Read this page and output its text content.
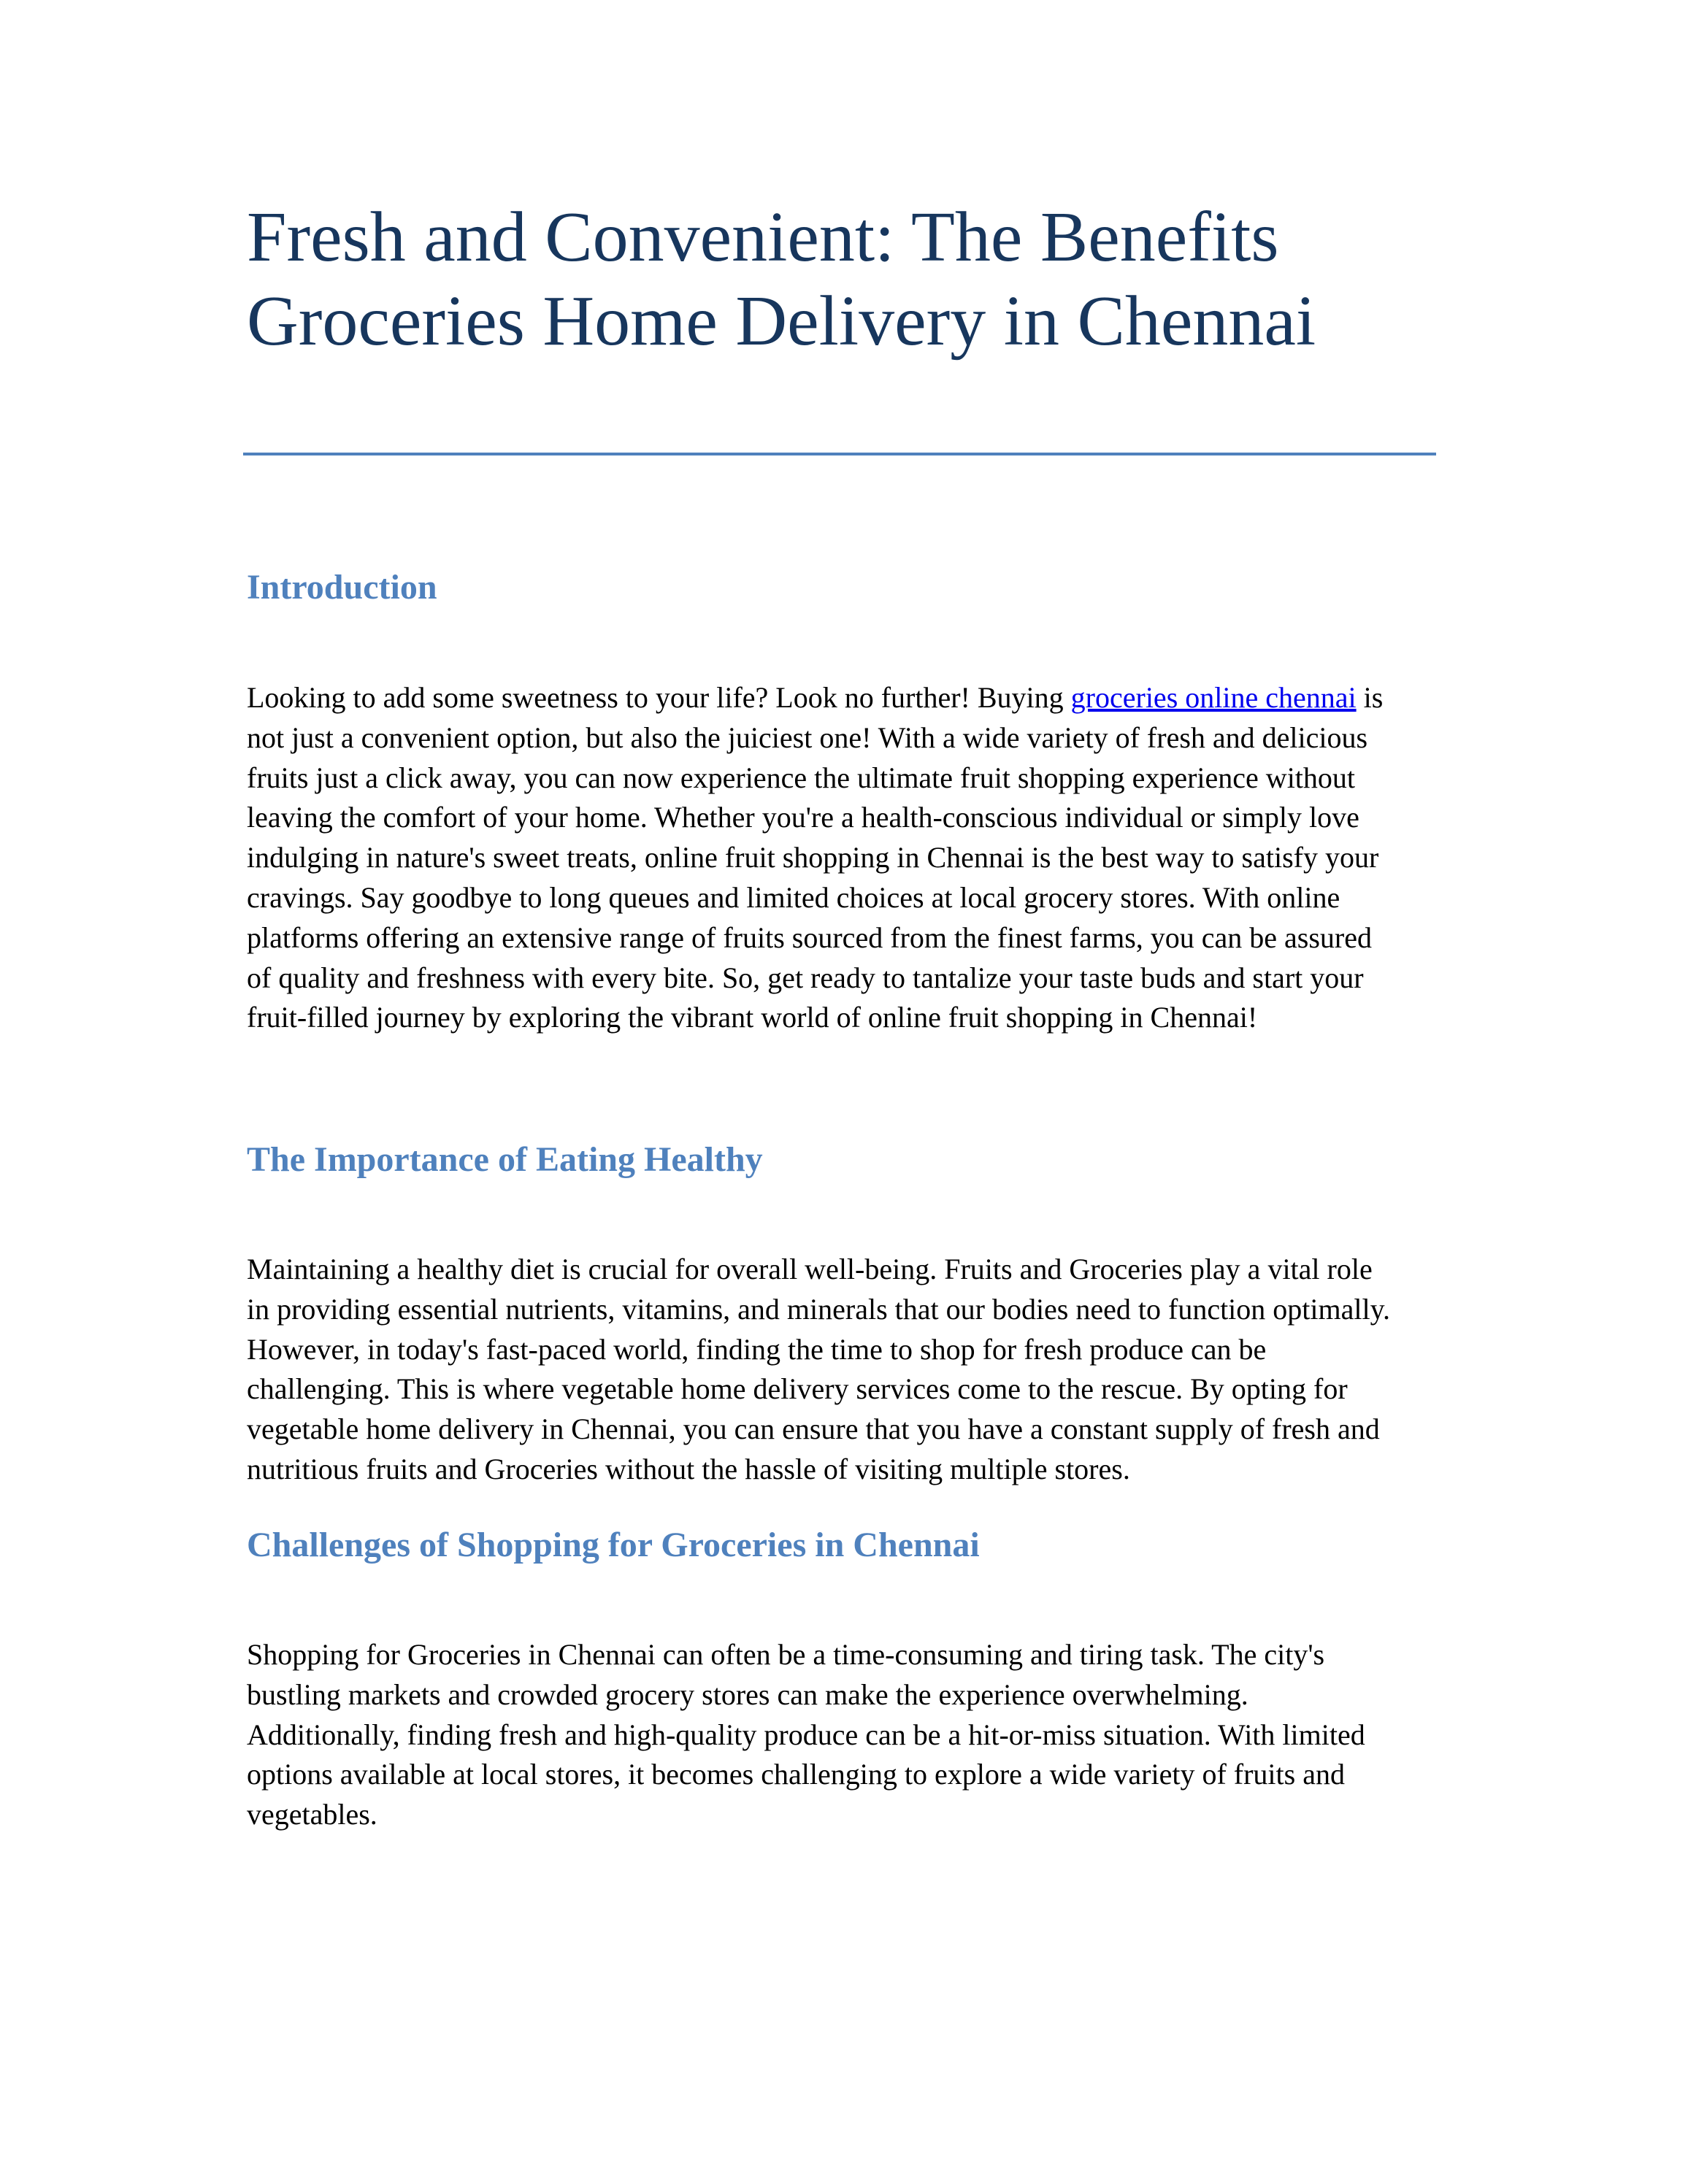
Fresh and Convenient: The Benefits
Groceries Home Delivery in Chennai
Introduction

Looking to add some sweetness to your life? Look no further! Buying groceries online chennai is
not just a convenient option, but also the juiciest one! With a wide variety of fresh and delicious
fruits just a click away, you can now experience the ultimate fruit shopping experience without
leaving the comfort of your home. Whether you're a health-conscious individual or simply love
indulging in nature's sweet treats, online fruit shopping in Chennai is the best way to satisfy your
cravings. Say goodbye to long queues and limited choices at local grocery stores. With online
platforms offering an extensive range of fruits sourced from the finest farms, you can be assured
of quality and freshness with every bite. So, get ready to tantalize your taste buds and start your
fruit-filled journey by exploring the vibrant world of online fruit shopping in Chennai!

The Importance of Eating Healthy

Maintaining a healthy diet is crucial for overall well-being. Fruits and Groceries play a vital role
in providing essential nutrients, vitamins, and minerals that our bodies need to function optimally.
However, in today's fast-paced world, finding the time to shop for fresh produce can be
challenging. This is where vegetable home delivery services come to the rescue. By opting for
vegetable home delivery in Chennai, you can ensure that you have a constant supply of fresh and
nutritious fruits and Groceries without the hassle of visiting multiple stores.

Challenges of Shopping for Groceries in Chennai

Shopping for Groceries in Chennai can often be a time-consuming and tiring task. The city's
bustling markets and crowded grocery stores can make the experience overwhelming.
Additionally, finding fresh and high-quality produce can be a hit-or-miss situation. With limited
options available at local stores, it becomes challenging to explore a wide variety of fruits and
vegetables.
